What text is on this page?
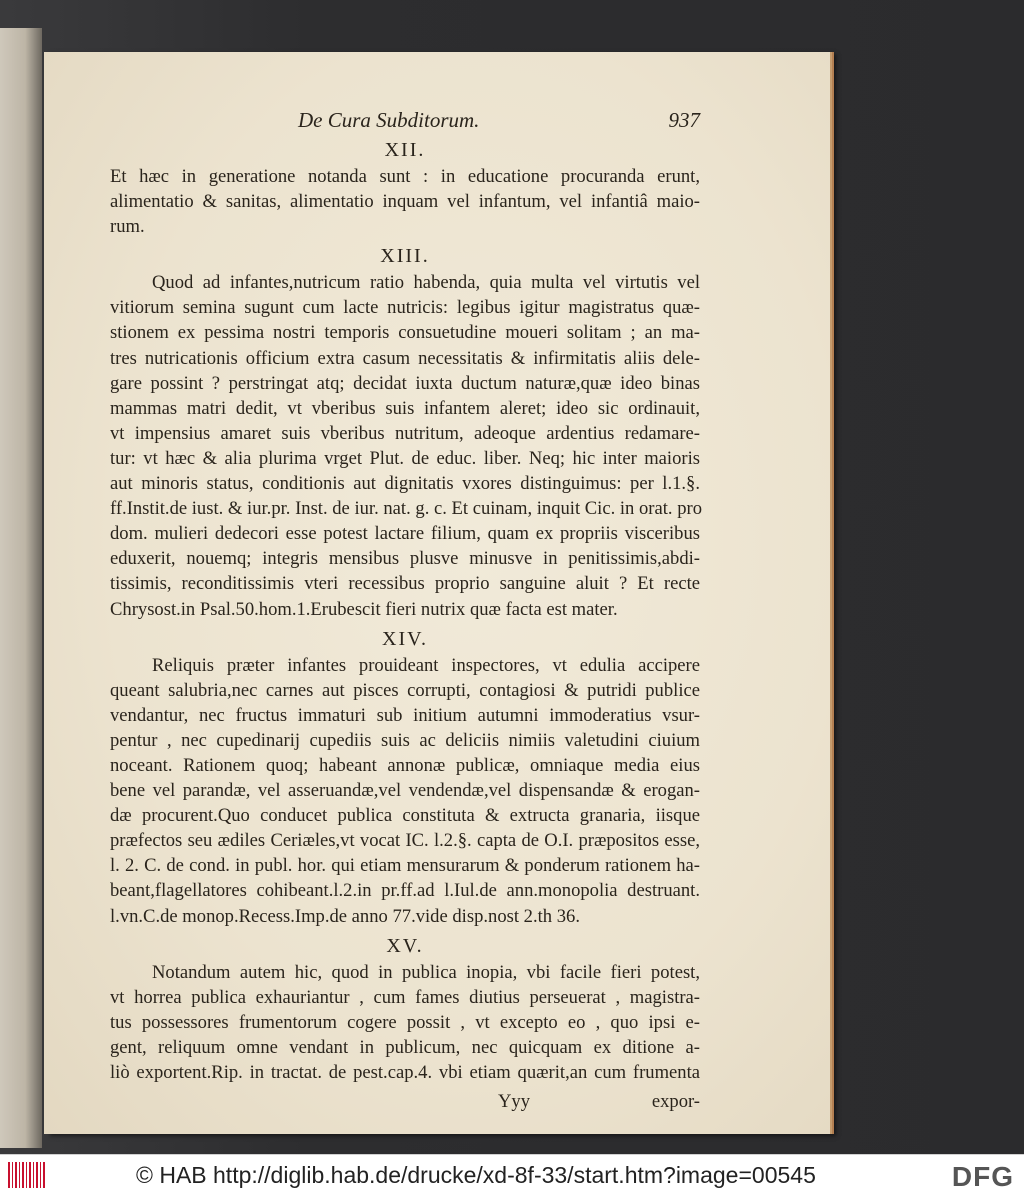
De Cura Subditorum.	937
XII.
Et hæc in generatione notanda sunt : in educatione procuranda erunt,
alimentatio & sanitas, alimentatio inquam vel infantum, vel infantiâ maio-
rum.
XIII.
Quod ad infantes,nutricum ratio habenda, quia multa vel virtutis vel
vitiorum semina sugunt cum lacte nutricis: legibus igitur magistratus quæ-
stionem ex pessima nostri temporis consuetudine moueri solitam ; an ma-
tres nutricationis officium extra casum necessitatis & infirmitatis aliis dele-
gare possint ? perstringat atq; decidat iuxta ductum naturæ,quæ ideo binas
mammas matri dedit, vt vberibus suis infantem aleret; ideo sic ordinauit,
vt impensius amaret suis vberibus nutritum, adeoque ardentius redamare-
tur: vt hæc & alia plurima vrget Plut. de educ. liber. Neq; hic inter maioris
aut minoris status, conditionis aut dignitatis vxores distinguimus: per l.1.§.
ff.Instit.de iust. & iur.pr. Inst. de iur. nat. g. c. Et cuinam, inquit Cic. in orat. pro
dom. mulieri dedecori esse potest lactare filium, quam ex propriis visceribus
eduxerit, nouemq; integris mensibus plusve minusve in penitissimis,abdi-
tissimis, reconditissimis vteri recessibus proprio sanguine aluit ? Et recte
Chrysost.in Psal.50.hom.1.Erubescit fieri nutrix quæ facta est mater.
XIV.
Reliquis præter infantes prouideant inspectores, vt edulia accipere
queant salubria,nec carnes aut pisces corrupti, contagiosi & putridi publice
vendantur, nec fructus immaturi sub initium autumni immoderatius vsur-
pentur , nec cupedinarij cupediis suis ac deliciis nimiis valetudini ciuium
noceant. Rationem quoq; habeant annonæ publicæ, omniaque media eius
bene vel parandæ, vel asseruandæ,vel vendendæ,vel dispensandæ & erogan-
dæ procurent.Quo conducet publica constituta & extructa granaria, iisque
præfectos seu ædiles Ceriæles,vt vocat IC. l.2.§. capta de O.I. præpositos esse,
l. 2. C. de cond. in publ. hor. qui etiam mensurarum & ponderum rationem ha-
beant,flagellatores cohibeant.l.2.in pr.ff.ad l.Iul.de ann.monopolia destruant.
l.vn.C.de monop.Recess.Imp.de anno 77.vide disp.nost 2.th 36.
XV.
Notandum autem hic, quod in publica inopia, vbi facile fieri potest,
vt horrea publica exhauriantur , cum fames diutius perseuerat , magistra-
tus possessores frumentorum cogere possit , vt excepto eo , quo ipsi e-
gent, reliquum omne vendant in publicum, nec quicquam ex ditione a-
liò exportent.Rip. in tractat. de pest.cap.4. vbi etiam quærit,an cum frumenta
Yyy	expor-
© HAB http://diglib.hab.de/drucke/xd-8f-33/start.htm?image=00545	DFG
